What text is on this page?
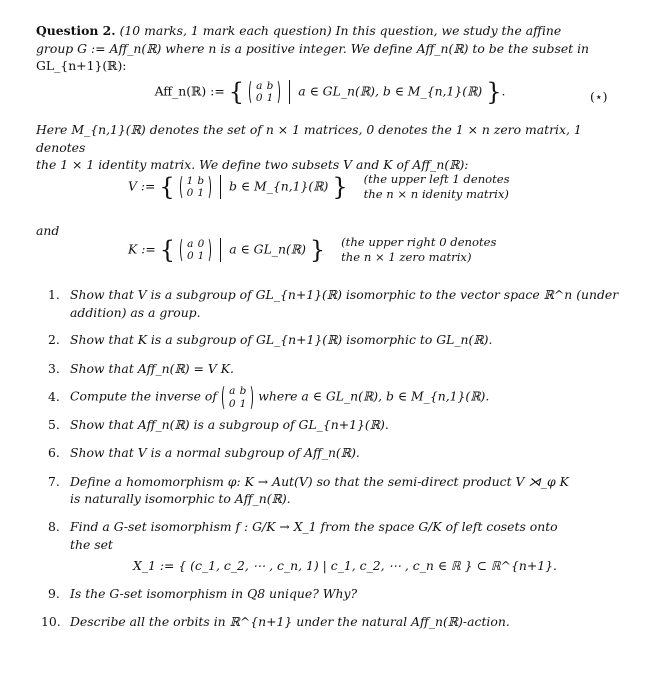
Question 2. (10 marks, 1 mark each question) In this question, we study the affine
group G := Aff_n(ℝ) where n is a positive integer. We define Aff_n(ℝ) to be the subset in
GL_{n+1}(ℝ):
Aff_n(ℝ) := { a	b
0	1 a ∈ GL_n(ℝ), b ∈ M_{n,1}(ℝ) }.	(⋆)
Here M_{n,1}(ℝ) denotes the set of n × 1 matrices, 0 denotes the 1 × n zero matrix, 1 denotes
the 1 × 1 identity matrix. We define two subsets V and K of Aff_n(ℝ):
V := { 1	b
0	1 b ∈ M_{n,1}(ℝ) } (the upper left 1 denotes
the n × n idenity matrix)
and
K := { a	0
0	1 a ∈ GL_n(ℝ) } (the upper right 0 denotes
the n × 1 zero matrix)
1. Show that V is a subgroup of GL_{n+1}(ℝ) isomorphic to the vector space ℝ^n (under
addition) as a group.
2. Show that K is a subgroup of GL_{n+1}(ℝ) isomorphic to GL_n(ℝ).
3. Show that Aff_n(ℝ) = V K.
4. Compute the inverse of a	b
0	1 where a ∈ GL_n(ℝ), b ∈ M_{n,1}(ℝ).
5. Show that Aff_n(ℝ) is a subgroup of GL_{n+1}(ℝ).
6. Show that V is a normal subgroup of Aff_n(ℝ).
7. Define a homomorphism φ: K → Aut(V) so that the semi-direct product V ⋊_φ K
is naturally isomorphic to Aff_n(ℝ).
8. Find a G-set isomorphism f : G/K → X_1 from the space G/K of left cosets onto
the set
X_1 := { (c_1, c_2, ⋯ , c_n, 1) | c_1, c_2, ⋯ , c_n ∈ ℝ } ⊂ ℝ^{n+1}.
9. Is the G-set isomorphism in Q8 unique? Why?
10. Describe all the orbits in ℝ^{n+1} under the natural Aff_n(ℝ)-action.
